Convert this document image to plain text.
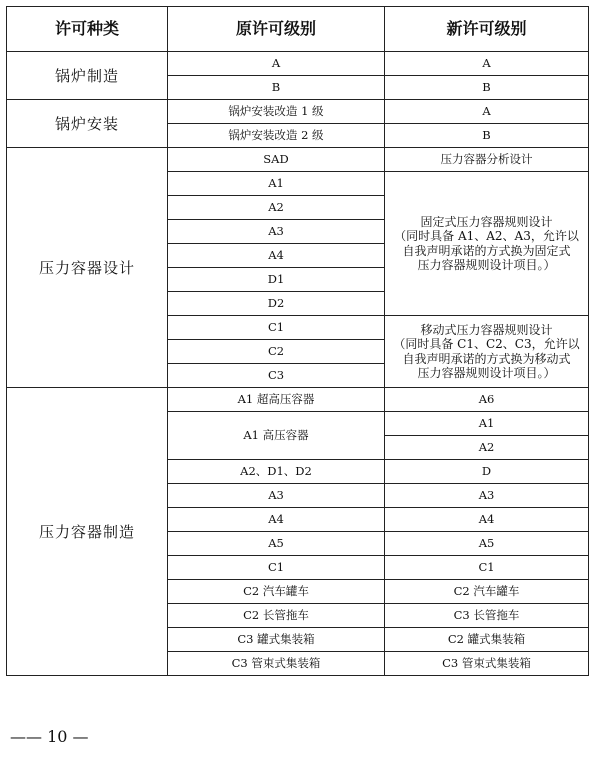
许可种类	原许可级别	新许可级别
锅炉制造	A	A
	B	B
锅炉安装	锅炉安装改造 1 级	A
	锅炉安装改造 2 级	B
压力容器设计	SAD	压力容器分析设计
	A1	固定式压力容器规则设计
（同时具备 A1、A2、A3，允许以
自我声明承诺的方式换为固定式
压力容器规则设计项目。）

	A2	
	A3	
	A4	
	D1	
	D2	
	C1	移动式压力容器规则设计
（同时具备 C1、C2、C3，允许以
自我声明承诺的方式换为移动式
压力容器规则设计项目。）

	C2	
	C3	
压力容器制造	A1 超高压容器	A6
	A1 高压容器	A1
		A2
	A2、D1、D2	D
	A3	A3
	A4	A4
	A5	A5
	C1	C1
	C2 汽车罐车	C2 汽车罐车
	C2 长管拖车	C3 长管拖车
	C3 罐式集装箱	C2 罐式集装箱
	C3 管束式集装箱	C3 管束式集装箱
—— 10 —
